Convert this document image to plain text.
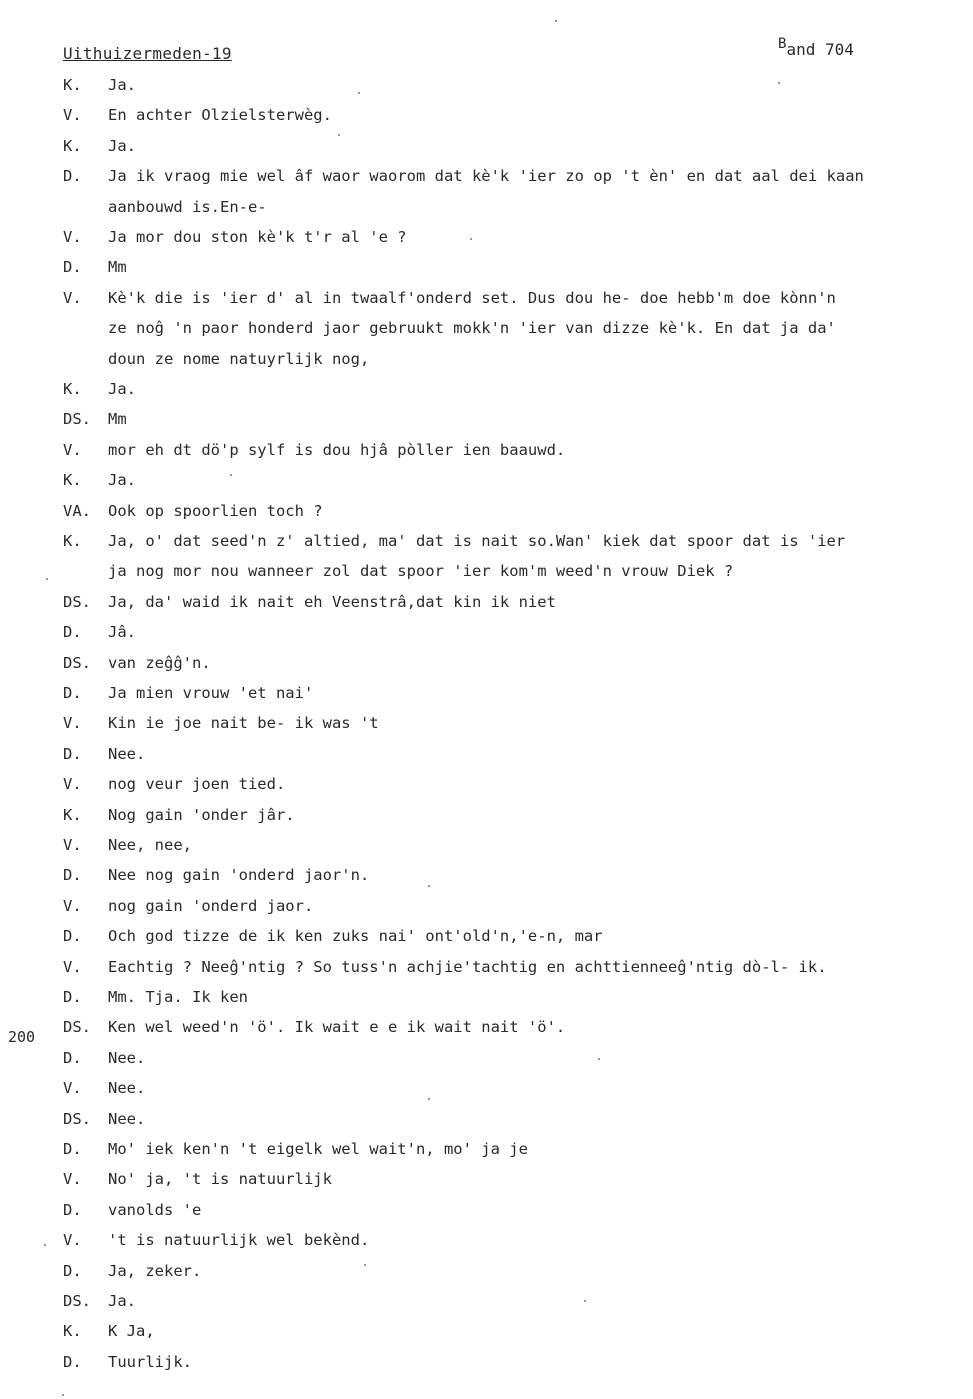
Uithuizermeden-19	Band 704
200
K. Ja.
V. En achter Olzielsterwèg.
K. Ja.
D. Ja ik vraog mie wel âf waor waorom dat kè'k 'ier zo op 't èn' en dat aal dei kaan
aanbouwd is.En-e-
V. Ja mor dou ston kè'k t'r al 'e ?
D. Mm
V. Kè'k die is 'ier d' al in twaalf'onderd set. Dus dou he- doe hebb'm doe kònn'n
ze noĝ 'n paor honderd jaor gebruukt mokk'n 'ier van dizze kè'k. En dat ja da'
doun ze nome natuyrlijk nog,
K. Ja.
DS. Mm
V. mor eh dt dö'p sylf is dou hjâ pòller ien baauwd.
K. Ja.
VA. Ook op spoorlien toch ?
K. Ja, o' dat seed'n z' altied, ma' dat is nait so.Wan' kiek dat spoor dat is 'ier
ja nog mor nou wanneer zol dat spoor 'ier kom'm weed'n vrouw Diek ?
DS. Ja, da' waid ik nait eh Veenstrâ,dat kin ik niet
D. Jâ.
DS. van zeĝĝ'n.
D. Ja mien vrouw 'et nai'
V. Kin ie joe nait be- ik was 't
D. Nee.
V. nog veur joen tied.
K. Nog gain 'onder jâr.
V. Nee, nee,
D. Nee nog gain 'onderd jaor'n.
V. nog gain 'onderd jaor.
D. Och god tizze de ik ken zuks nai' ont'old'n,'e-n, mar
V. Eachtig ? Neeĝ'ntig ? So tuss'n achjie'tachtig en achttienneeĝ'ntig dò-l- ik.
D. Mm. Tja. Ik ken
DS. Ken wel weed'n 'ö'. Ik wait e e ik wait nait 'ö'.
D. Nee.
V. Nee.
DS. Nee.
D. Mo' iek ken'n 't eigelk wel wait'n, mo' ja je
V. No' ja, 't is natuurlijk
D. vanolds 'e
V. 't is natuurlijk wel bekènd.
D. Ja, zeker.
DS. Ja.
K. K Ja,
D. Tuurlijk.
